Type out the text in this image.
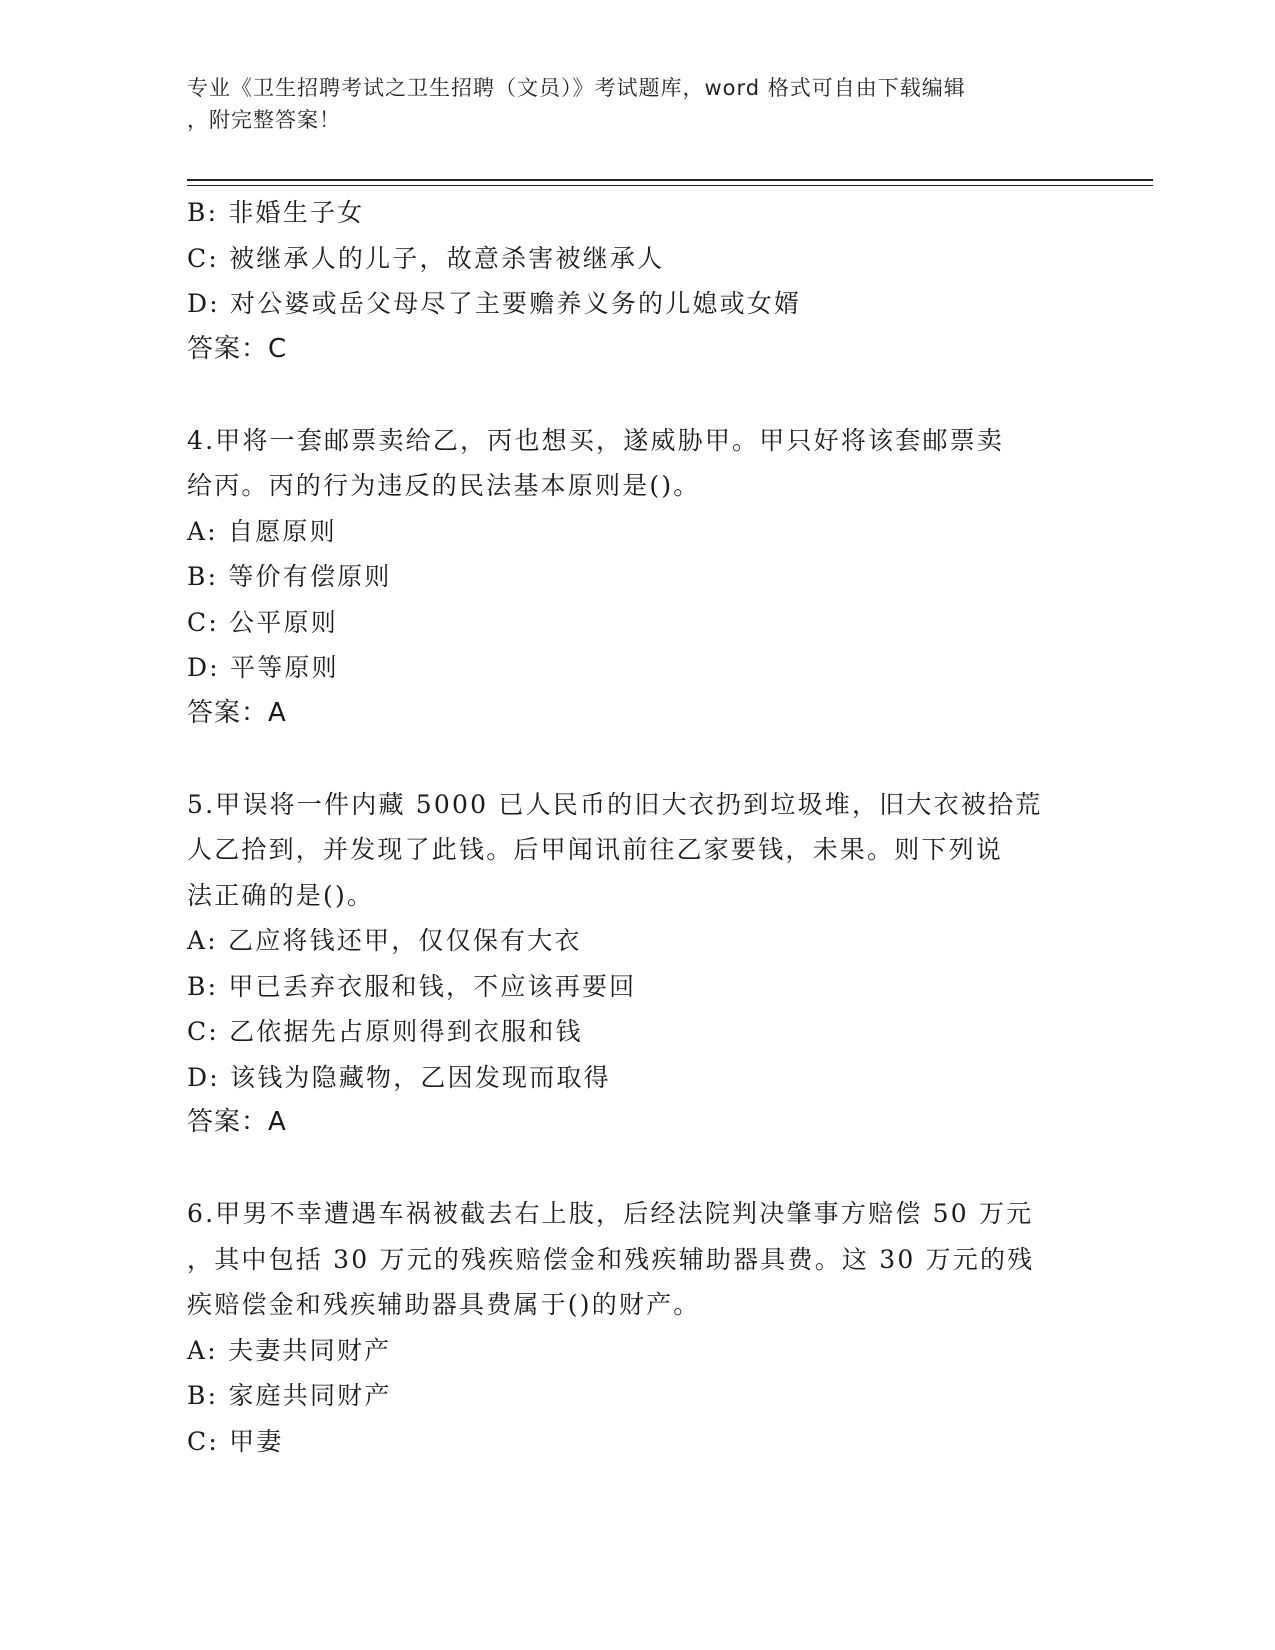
专业《卫生招聘考试之卫生招聘（文员）》考试题库，word 格式可自由下载编辑
，附完整答案！
B: 非婚生子女
C: 被继承人的儿子，故意杀害被继承人
D: 对公婆或岳父母尽了主要赡养义务的儿媳或女婿
答案：C
4.甲将一套邮票卖给乙，丙也想买，遂威胁甲。甲只好将该套邮票卖
给丙。丙的行为违反的民法基本原则是()。
A: 自愿原则
B: 等价有偿原则
C: 公平原则
D: 平等原则
答案：A
5.甲误将一件内藏 5000 已人民币的旧大衣扔到垃圾堆，旧大衣被拾荒
人乙拾到，并发现了此钱。后甲闻讯前往乙家要钱，未果。则下列说
法正确的是()。
A: 乙应将钱还甲，仅仅保有大衣
B: 甲已丢弃衣服和钱，不应该再要回
C: 乙依据先占原则得到衣服和钱
D: 该钱为隐藏物，乙因发现而取得
答案：A
6.甲男不幸遭遇车祸被截去右上肢，后经法院判决肇事方赔偿 50 万元
，其中包括 30 万元的残疾赔偿金和残疾辅助器具费。这 30 万元的残
疾赔偿金和残疾辅助器具费属于()的财产。
A: 夫妻共同财产
B: 家庭共同财产
C: 甲妻
